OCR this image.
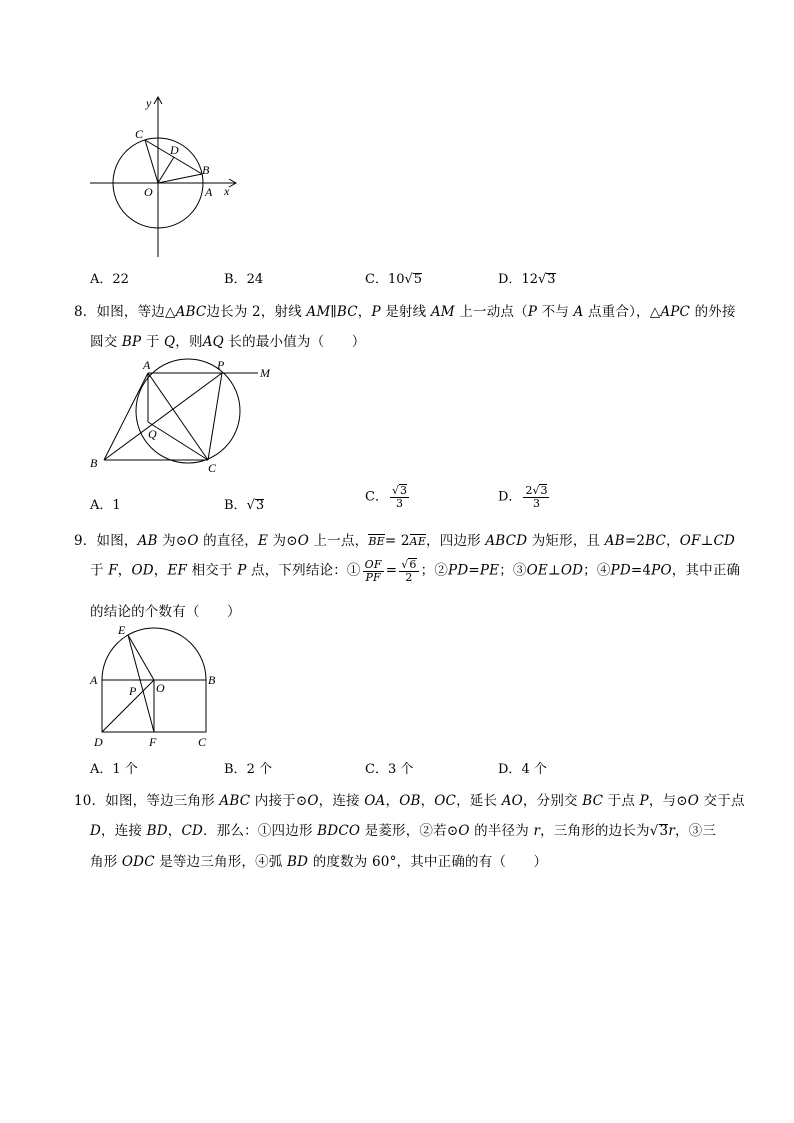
y
x
C
D
B
O	A
A．22	B．24	C．10√5	D．12√3
8．如图，等边△ABC边长为 2，射线 AM∥BC，P 是射线 AM 上一动点（P 不与 A 点重合），△APC 的外接
圆交 BP 于 Q，则AQ 长的最小值为（　　）
A	P
M
Q
B	C
A．1	B．√3
C． $\frac{√3}{3}$	D． $\frac{2√3}{3}$
9．如图，AB 为⊙O 的直径，E 为⊙O 上一点，BE= 2AE，四边形 ABCD 为矩形，且 AB=2BC，OF⊥CD
于 F，OD，EF 相交于 P 点，下列结论：① $\frac{OF}{PF} = \frac{√6}{2}$ ；②PD=PE；③OE⊥OD；④PD=4PO，其中正确
的结论的个数有（　　）
E
A	B
P O
D	F	C
A．1 个	B．2 个	C．3 个	D．4 个
10．如图，等边三角形 ABC 内接于⊙O，连接 OA，OB，OC，延长 AO，分别交 BC 于点 P，与⊙O 交于点
D，连接 BD，CD．那么：①四边形 BDCO 是菱形，②若⊙O 的半径为 r，三角形的边长为√3r，③三
角形 ODC 是等边三角形，④弧 BD 的度数为 60°，其中正确的有（　　）
